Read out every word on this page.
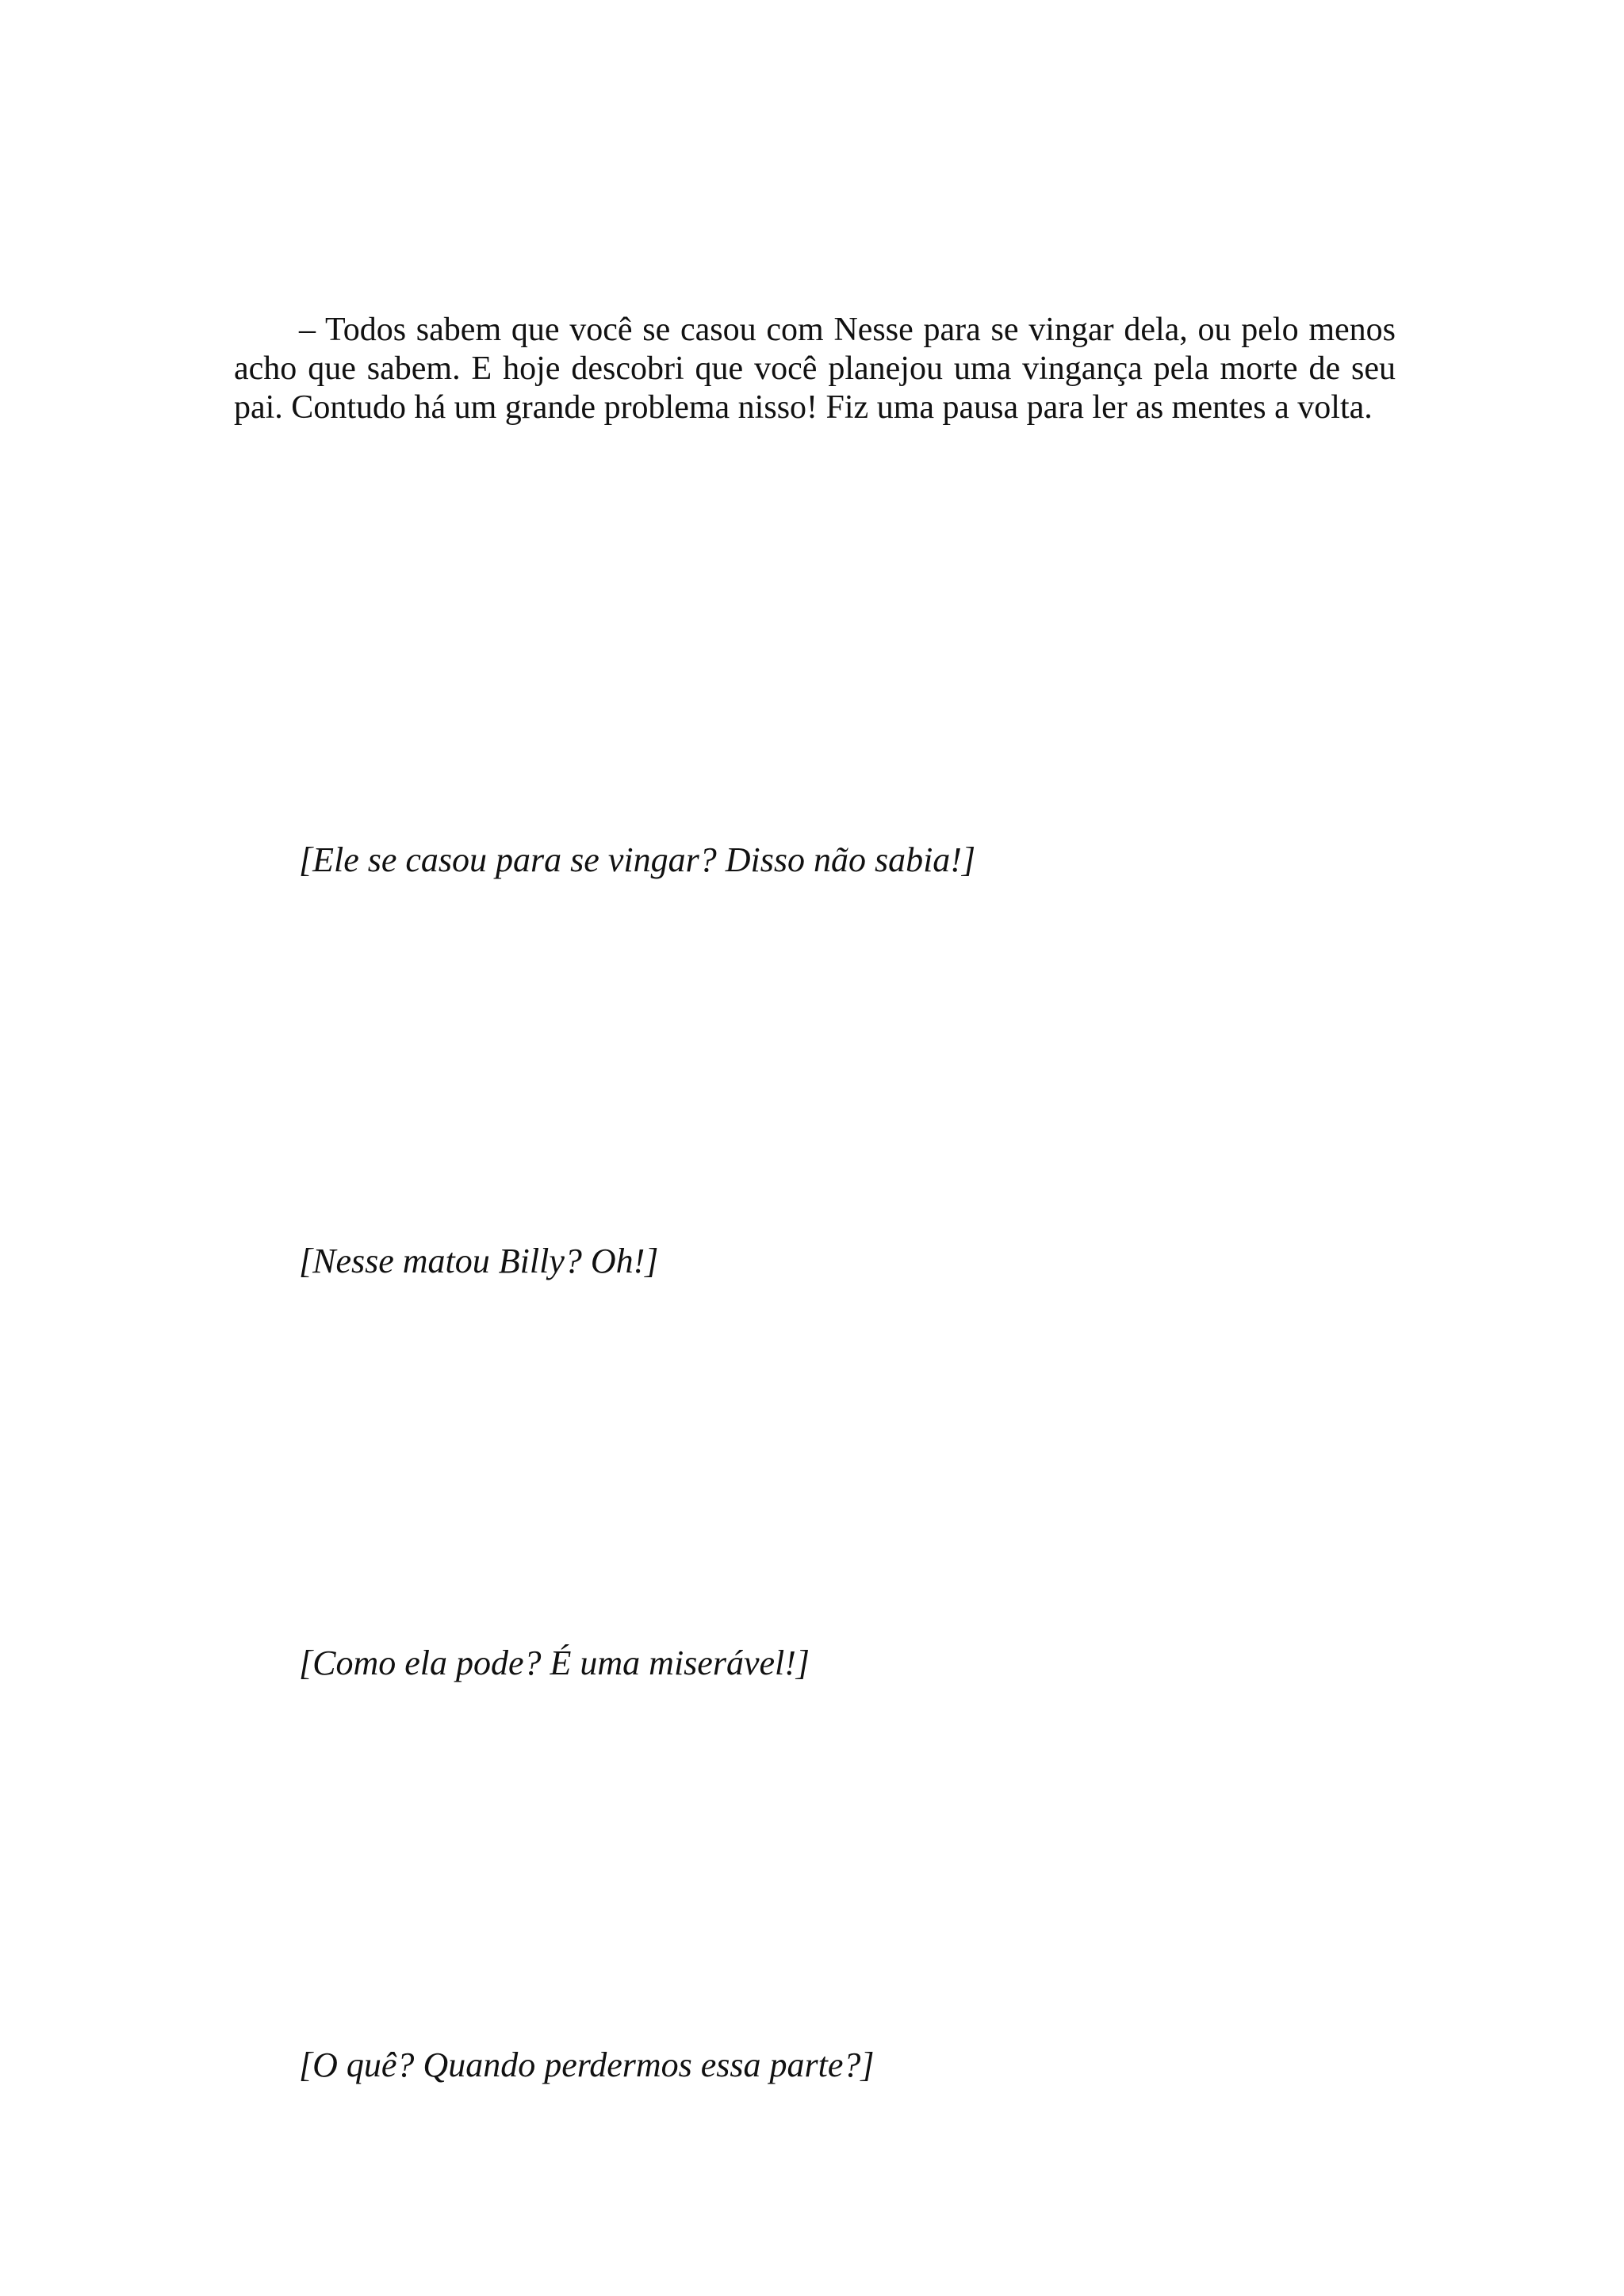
– Todos sabem que você se casou com Nesse para se vingar dela, ou pelo menos acho que sabem. E hoje descobri que você planejou uma vingança pela morte de seu pai. Contudo há um grande problema nisso! Fiz uma pausa para ler as mentes a volta.

[Ele se casou para se vingar? Disso não sabia!]

[Nesse matou Billy? Oh!]

[Como ela pode? É uma miserável!]

[O quê? Quando perdermos essa parte?]
